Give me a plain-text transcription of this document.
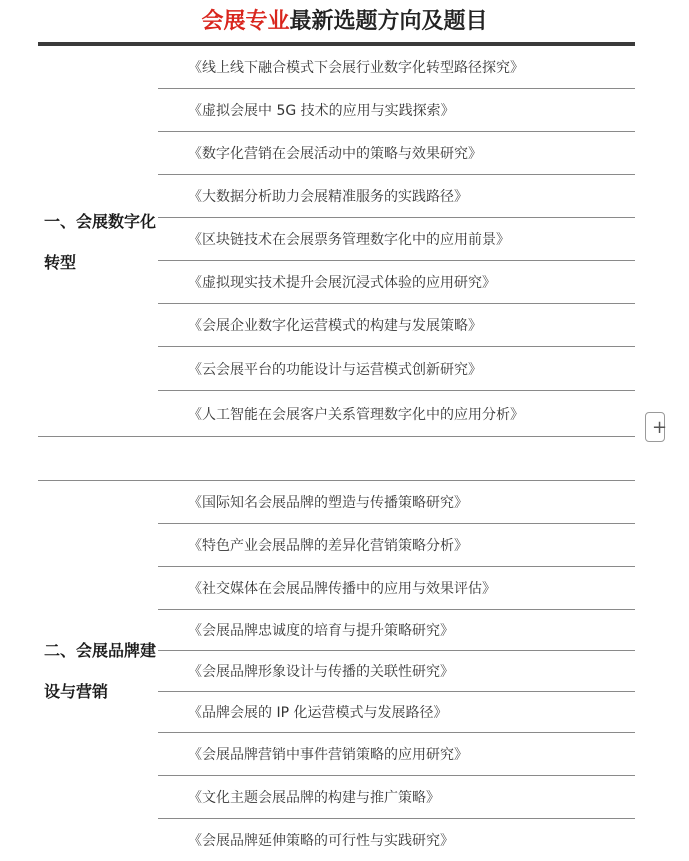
会展专业最新选题方向及题目
一、会展数字化转型
《线上线下融合模式下会展行业数字化转型路径探究》
《虚拟会展中 5G 技术的应用与实践探索》
《数字化营销在会展活动中的策略与效果研究》
《大数据分析助力会展精准服务的实践路径》
《区块链技术在会展票务管理数字化中的应用前景》
《虚拟现实技术提升会展沉浸式体验的应用研究》
《会展企业数字化运营模式的构建与发展策略》
《云会展平台的功能设计与运营模式创新研究》
《人工智能在会展客户关系管理数字化中的应用分析》
+
二、会展品牌建设与营销
《国际知名会展品牌的塑造与传播策略研究》
《特色产业会展品牌的差异化营销策略分析》
《社交媒体在会展品牌传播中的应用与效果评估》
《会展品牌忠诚度的培育与提升策略研究》
《会展品牌形象设计与传播的关联性研究》
《品牌会展的 IP 化运营模式与发展路径》
《会展品牌营销中事件营销策略的应用研究》
《文化主题会展品牌的构建与推广策略》
《会展品牌延伸策略的可行性与实践研究》
